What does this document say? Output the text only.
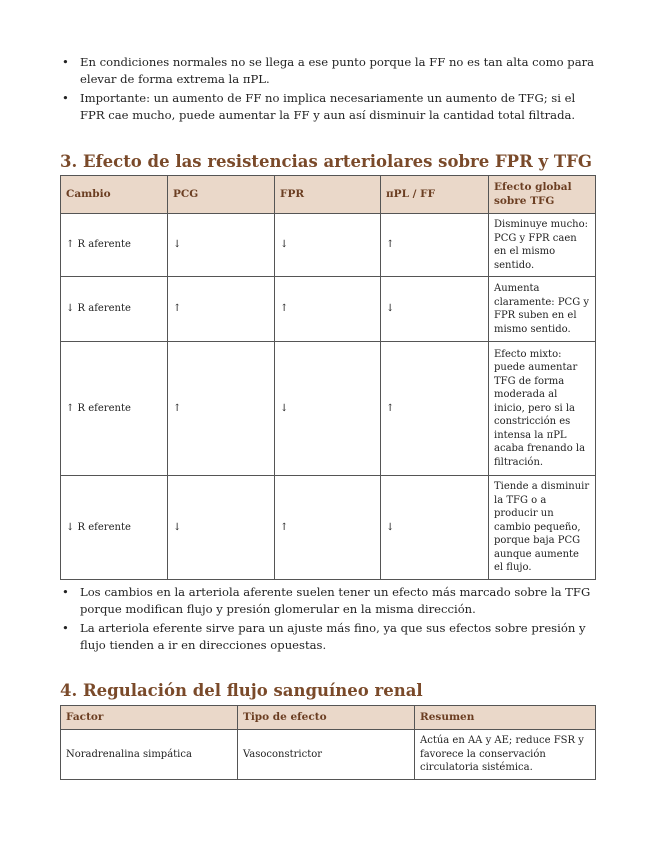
• En condiciones normales no se llega a ese punto porque la FF no es tan alta como para elevar de forma extrema la πPL.
• Importante: un aumento de FF no implica necesariamente un aumento de TFG; si el FPR cae mucho, puede aumentar la FF y aun así disminuir la cantidad total filtrada.
3. Efecto de las resistencias arteriolares sobre FPR y TFG
Cambio	PCG	FPR	πPL / FF	Efecto global sobre TFG
↑ R aferente	↓	↓	↑	Disminuye mucho: PCG y FPR caen en el mismo sentido.
↓ R aferente	↑	↑	↓	Aumenta claramente: PCG y FPR suben en el mismo sentido.
↑ R eferente	↑	↓	↑	Efecto mixto: puede aumentar TFG de forma moderada al inicio, pero si la constricción es intensa la πPL acaba frenando la filtración.
↓ R eferente	↓	↑	↓	Tiende a disminuir la TFG o a producir un cambio pequeño, porque baja PCG aunque aumente el flujo.
• Los cambios en la arteriola aferente suelen tener un efecto más marcado sobre la TFG porque modifican flujo y presión glomerular en la misma dirección.
• La arteriola eferente sirve para un ajuste más fino, ya que sus efectos sobre presión y flujo tienden a ir en direcciones opuestas.
4. Regulación del flujo sanguíneo renal
Factor	Tipo de efecto	Resumen
Noradrenalina simpática	Vasoconstrictor	Actúa en AA y AE; reduce FSR y favorece la conservación circulatoria sistémica.
